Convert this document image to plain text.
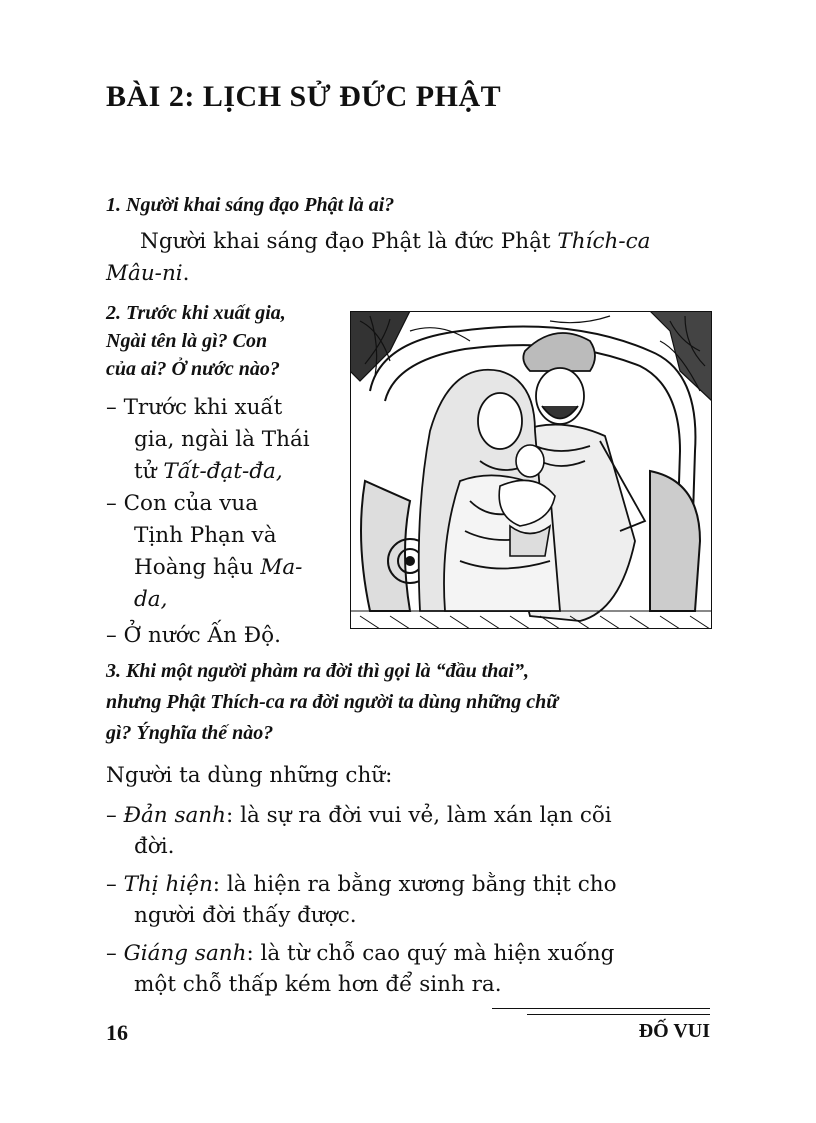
BÀI 2: LỊCH SỬ ĐỨC PHẬT
1. Người khai sáng đạo Phật là ai?
Người khai sáng đạo Phật là đức Phật Thích-ca
Mâu-ni.
2. Trước khi xuất gia,
Ngài tên là gì? Con
của ai? Ở nước nào?
– Trước khi xuất
gia, ngài là Thái
tử Tất-đạt-đa,
– Con của vua
Tịnh Phạn và
Hoàng hậu Ma-
da,
– Ở nước Ấn Độ.
3. Khi một người phàm ra đời thì gọi là “đầu thai”,
nhưng Phật Thích-ca ra đời người ta dùng những chữ
gì? Ýnghĩa thế nào?
Người ta dùng những chữ:
– Đản sanh: là sự ra đời vui vẻ, làm xán lạn cõi
đời.
– Thị hiện: là hiện ra bằng xương bằng thịt cho
người đời thấy được.
– Giáng sanh: là từ chỗ cao quý mà hiện xuống
một chỗ thấp kém hơn để sinh ra.
16	ĐỐ VUI
